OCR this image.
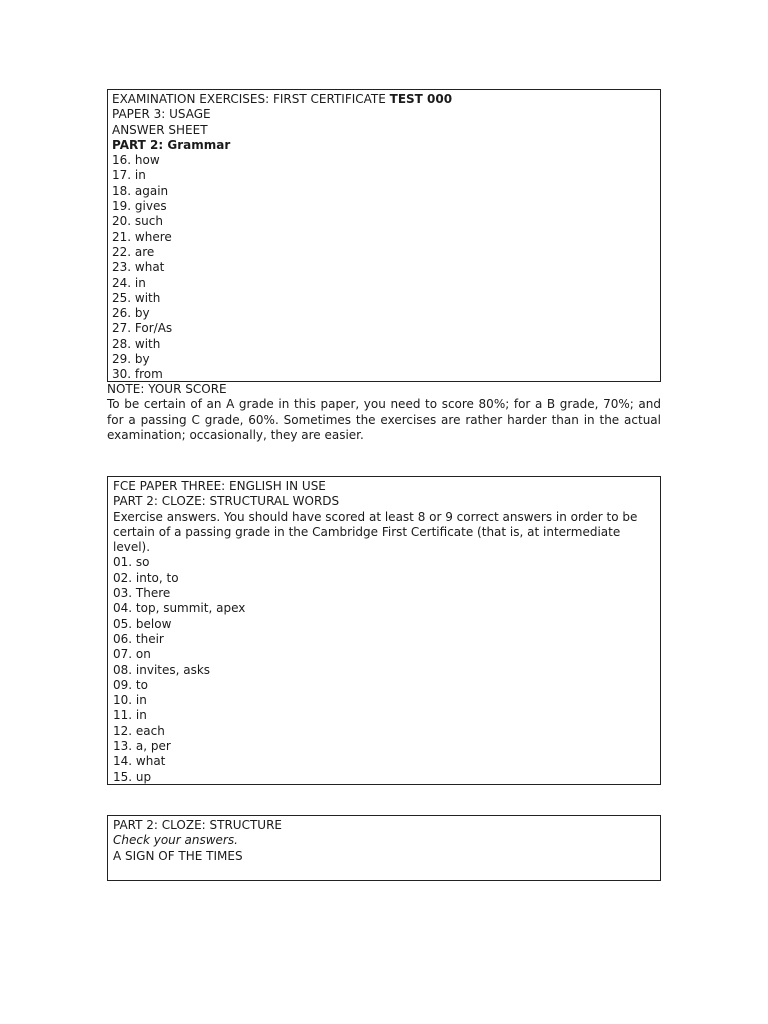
EXAMINATION EXERCISES: FIRST CERTIFICATE TEST 000
PAPER 3: USAGE
ANSWER SHEET
PART 2: Grammar
16. how
17. in
18. again
19. gives
20. such
21. where
22. are
23. what
24. in
25. with
26. by
27. For/As
28. with
29. by
30. from
NOTE: YOUR SCORE
To be certain of an A grade in this paper, you need to score 80%; for a B grade, 70%; and for a passing C grade, 60%. Sometimes the exercises are rather harder than in the actual examination; occasionally, they are easier.
FCE PAPER THREE: ENGLISH IN USE
PART 2: CLOZE: STRUCTURAL WORDS
Exercise answers. You should have scored at least 8 or 9 correct answers in order to be certain of a passing grade in the Cambridge First Certificate (that is, at intermediate level).
01. so
02. into, to
03. There
04. top, summit, apex
05. below
06. their
07. on
08. invites, asks
09. to
10. in
11. in
12. each
13. a, per
14. what
15. up
PART 2: CLOZE: STRUCTURE
Check your answers.
A SIGN OF THE TIMES
